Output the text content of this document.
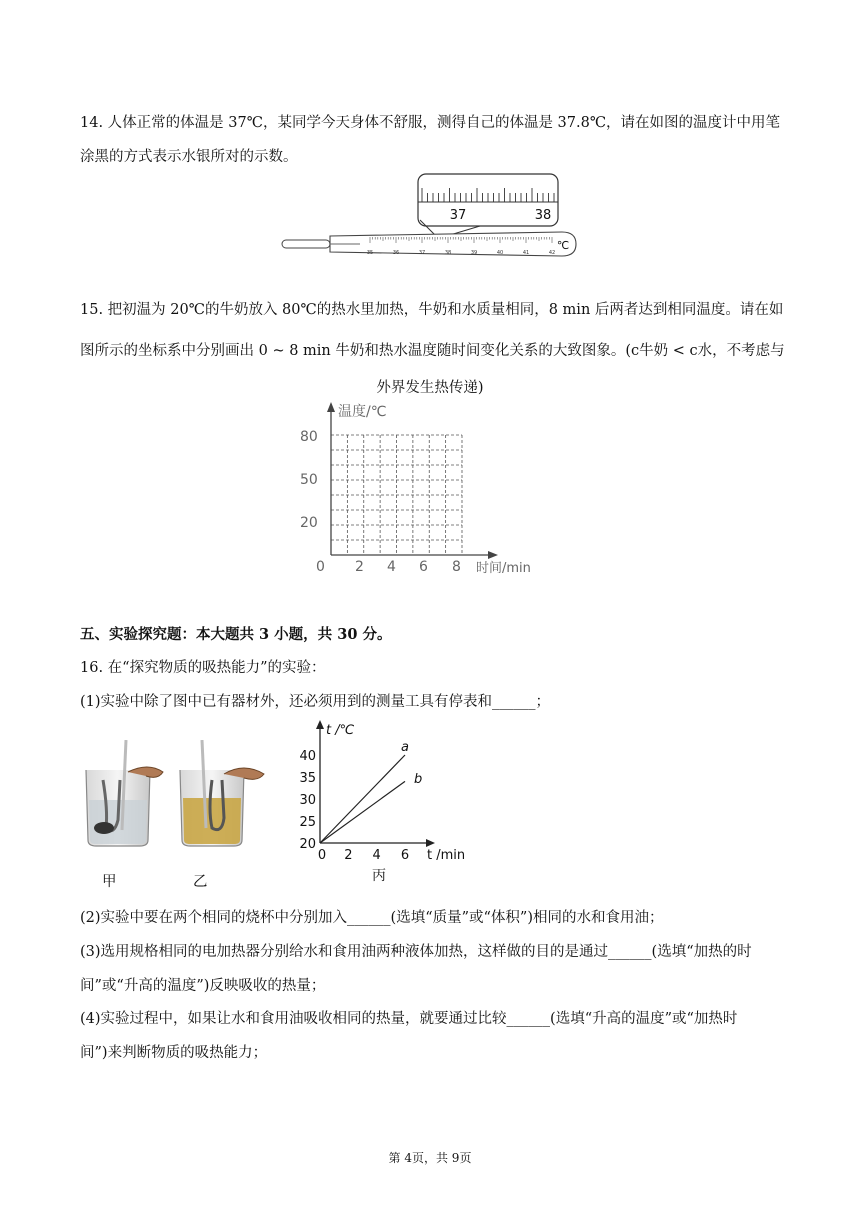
14. 人体正常的体温是 37℃，某同学今天身体不舒服，测得自己的体温是 37.8℃，请在如图的温度计中用笔
涂黑的方式表示水银所对的示数。
37	38
35	36	37	38	39	40	41	42
℃
15. 把初温为 20℃的牛奶放入 80℃的热水里加热，牛奶和水质量相同，8 min 后两者达到相同温度。请在如
图所示的坐标系中分别画出 0 ~ 8 min 牛奶和热水温度随时间变化关系的大致图象。(c牛奶 < c水，不考虑与
外界发生热传递)
温度/℃
时间/min
80
50
20
0 2 4 6 8
五、实验探究题：本大题共 3 小题，共 30 分。
16. 在“探究物质的吸热能力”的实验：
(1)实验中除了图中已有器材外，还必须用到的测量工具有停表和______；
甲	乙
t /℃
t /min
40
35
30
25
20
0 2 4 6
a
b
丙
(2)实验中要在两个相同的烧杯中分别加入______(选填“质量”或“体积”)相同的水和食用油；
(3)选用规格相同的电加热器分别给水和食用油两种液体加热，这样做的目的是通过______(选填“加热的时
间”或“升高的温度”)反映吸收的热量；
(4)实验过程中，如果让水和食用油吸收相同的热量，就要通过比较______(选填“升高的温度”或“加热时
间”)来判断物质的吸热能力；
第 4页，共 9页
